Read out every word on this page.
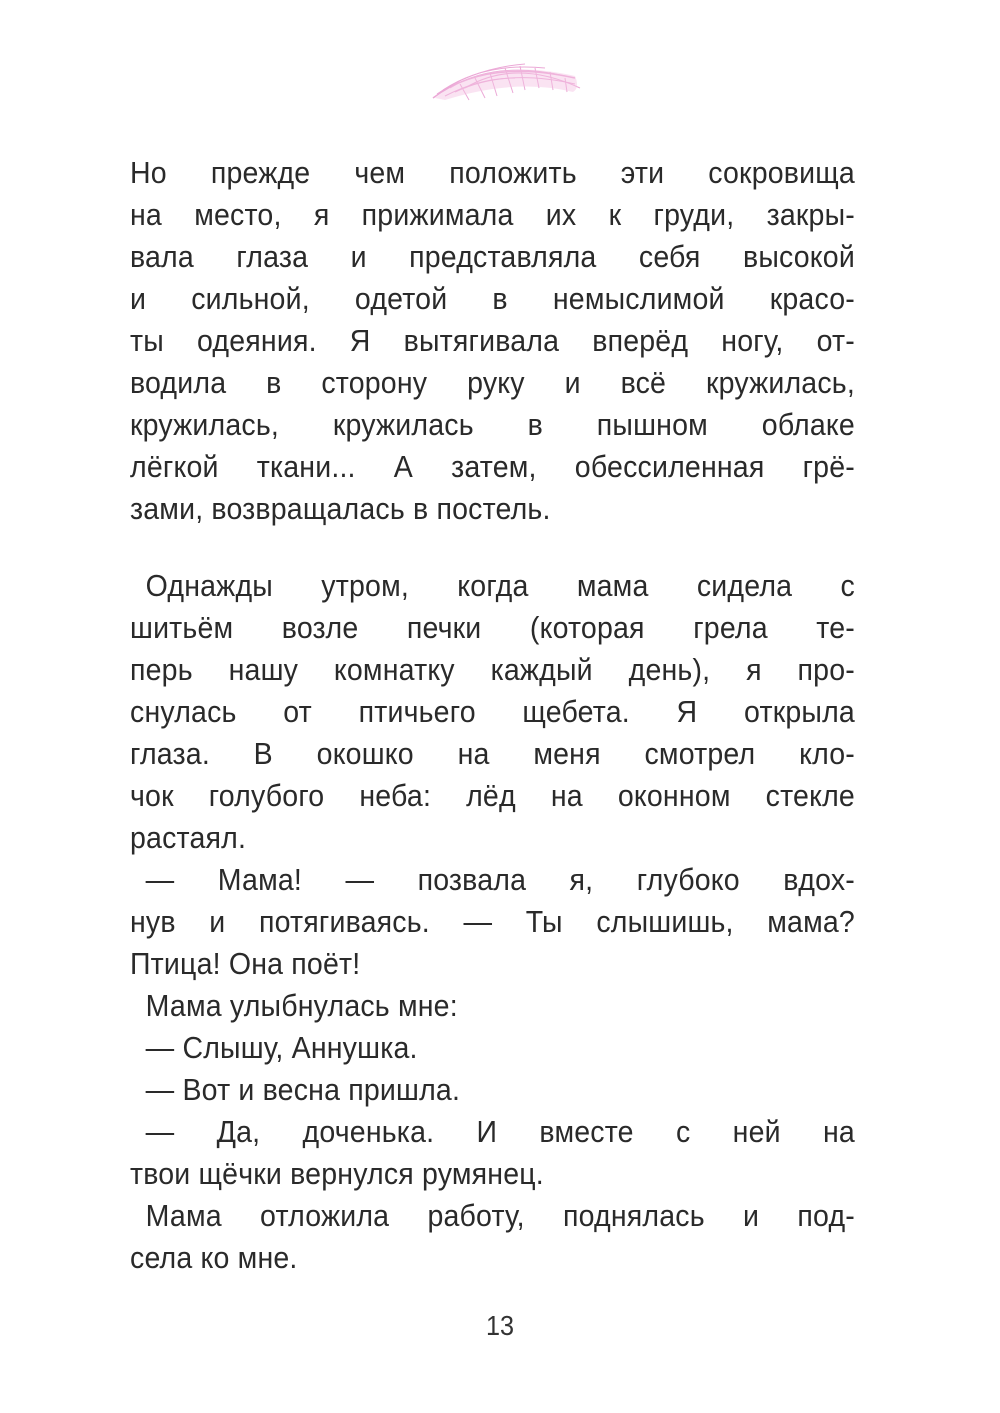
Но прежде чем положить эти сокровища
на место, я прижимала их к груди, закры-
вала глаза и представляла себя высокой
и сильной, одетой в немыслимой красо-
ты одеяния. Я вытягивала вперёд ногу, от-
водила в сторону руку и всё кружилась,
кружилась, кружилась в пышном облаке
лёгкой ткани... А затем, обессиленная грё-
зами, возвращалась в постель.
Однажды утром, когда мама сидела с
шитьём возле печки (которая грела те-
перь нашу комнатку каждый день), я про-
снулась от птичьего щебета. Я открыла
глаза. В окошко на меня смотрел кло-
чок голубого неба: лёд на оконном стекле
растаял.
— Мама! — позвала я, глубоко вдох-
нув и потягиваясь. — Ты слышишь, мама?
Птица! Она поёт!
Мама улыбнулась мне:
— Слышу, Аннушка.
— Вот и весна пришла.
— Да, доченька. И вместе с ней на
твои щёчки вернулся румянец.
Мама отложила работу, поднялась и под-
села ко мне.
13
